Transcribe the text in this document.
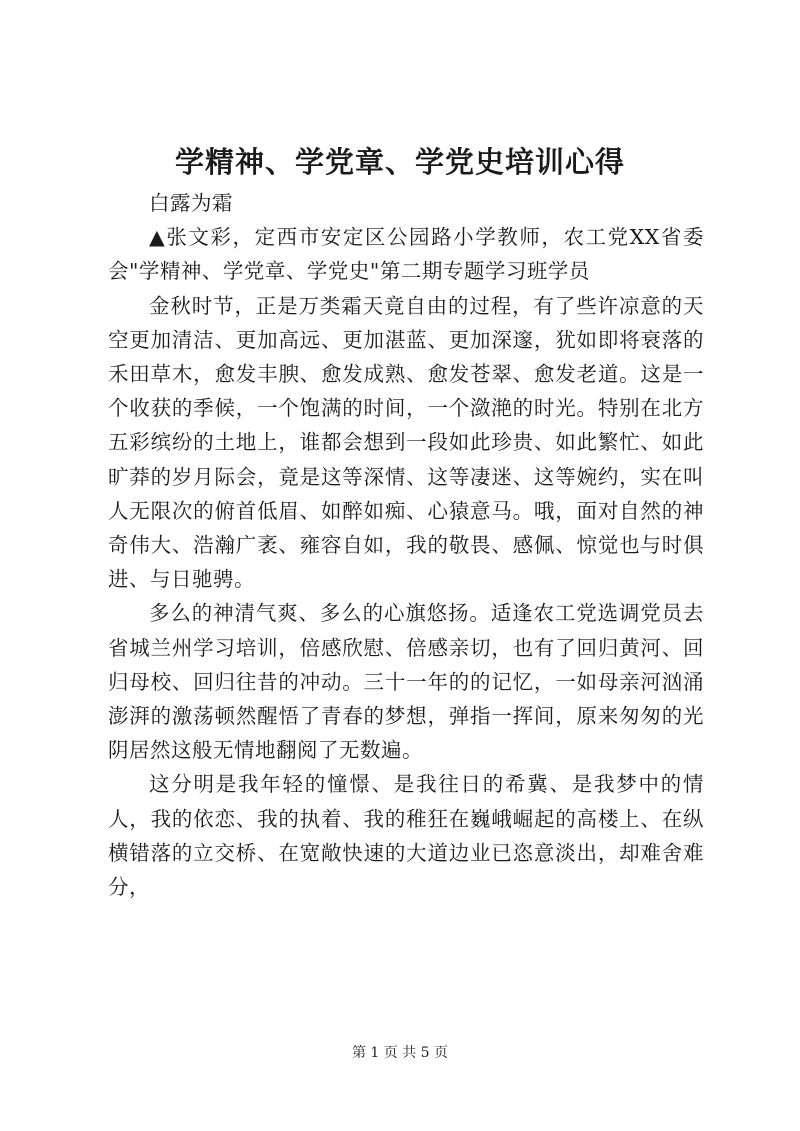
学精神、学党章、学党史培训心得

白露为霜

▲张文彩，定西市安定区公园路小学教师，农工党XX省委会"学精神、学党章、学党史"第二期专题学习班学员

金秋时节，正是万类霜天竟自由的过程，有了些许凉意的天空更加清洁、更加高远、更加湛蓝、更加深邃，犹如即将衰落的禾田草木，愈发丰腴、愈发成熟、愈发苍翠、愈发老道。这是一个收获的季候，一个饱满的时间，一个潋滟的时光。特别在北方五彩缤纷的土地上，谁都会想到一段如此珍贵、如此繁忙、如此旷莽的岁月际会，竟是这等深情、这等凄迷、这等婉约，实在叫人无限次的俯首低眉、如醉如痴、心猿意马。哦，面对自然的神奇伟大、浩瀚广袤、雍容自如，我的敬畏、感佩、惊觉也与时俱进、与日驰骋。

多么的神清气爽、多么的心旗悠扬。适逢农工党选调党员去省城兰州学习培训，倍感欣慰、倍感亲切，也有了回归黄河、回归母校、回归往昔的冲动。三十一年的的记忆，一如母亲河汹涌澎湃的激荡顿然醒悟了青春的梦想，弹指一挥间，原来匆匆的光阴居然这般无情地翻阅了无数遍。

这分明是我年轻的憧憬、是我往日的希冀、是我梦中的情人，我的依恋、我的执着、我的稚狂在巍峨崛起的高楼上、在纵横错落的立交桥、在宽敞快速的大道边业已恣意淡出，却难舍难分，

第 1 页 共 5 页
